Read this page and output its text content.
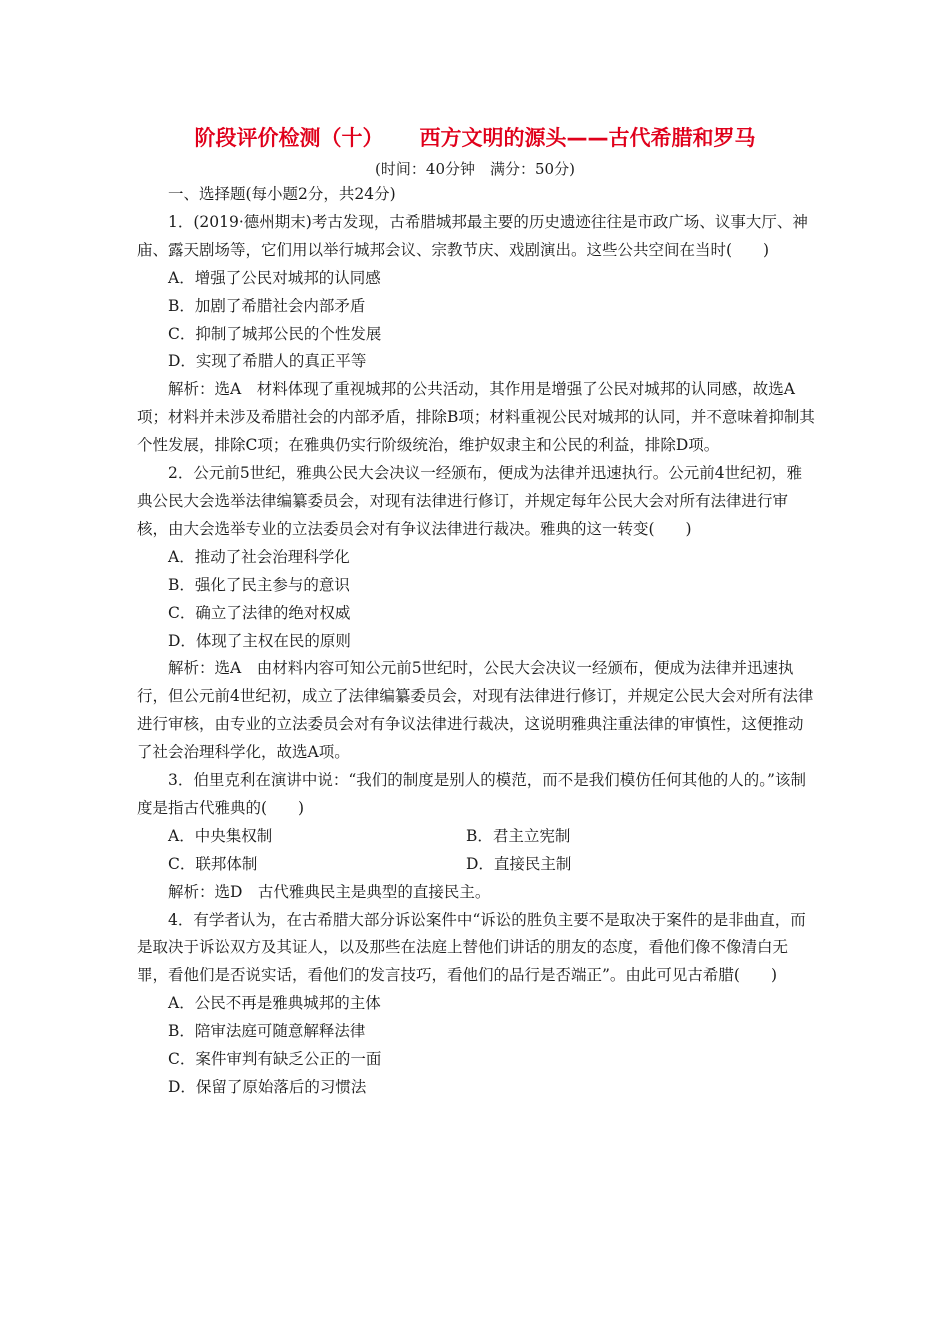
阶段评价检测（十） 西方文明的源头——古代希腊和罗马
(时间：40分钟　满分：50分)

一、选择题(每小题2分，共24分)

1．(2019·德州期末)考古发现，古希腊城邦最主要的历史遗迹往往是市政广场、议事大厅、神庙、露天剧场等，它们用以举行城邦会议、宗教节庆、戏剧演出。这些公共空间在当时(　　)

A．增强了公民对城邦的认同感

B．加剧了希腊社会内部矛盾

C．抑制了城邦公民的个性发展

D．实现了希腊人的真正平等

解析：选A　材料体现了重视城邦的公共活动，其作用是增强了公民对城邦的认同感，故选A项；材料并未涉及希腊社会的内部矛盾，排除B项；材料重视公民对城邦的认同，并不意味着抑制其个性发展，排除C项；在雅典仍实行阶级统治，维护奴隶主和公民的利益，排除D项。

2．公元前5世纪，雅典公民大会决议一经颁布，便成为法律并迅速执行。公元前4世纪初，雅典公民大会选举法律编纂委员会，对现有法律进行修订，并规定每年公民大会对所有法律进行审核，由大会选举专业的立法委员会对有争议法律进行裁决。雅典的这一转变(　　)

A．推动了社会治理科学化

B．强化了民主参与的意识

C．确立了法律的绝对权威

D．体现了主权在民的原则

解析：选A　由材料内容可知公元前5世纪时，公民大会决议一经颁布，便成为法律并迅速执行，但公元前4世纪初，成立了法律编纂委员会，对现有法律进行修订，并规定公民大会对所有法律进行审核，由专业的立法委员会对有争议法律进行裁决，这说明雅典注重法律的审慎性，这便推动了社会治理科学化，故选A项。

3．伯里克利在演讲中说：“我们的制度是别人的模范，而不是我们模仿任何其他的人的。”该制度是指古代雅典的(　　)

A．中央集权制	B．君主立宪制
C．联邦体制	D．直接民主制

解析：选D　古代雅典民主是典型的直接民主。

4．有学者认为，在古希腊大部分诉讼案件中“诉讼的胜负主要不是取决于案件的是非曲直，而是取决于诉讼双方及其证人，以及那些在法庭上替他们讲话的朋友的态度，看他们像不像清白无罪，看他们是否说实话，看他们的发言技巧，看他们的品行是否端正”。由此可见古希腊(　　)

A．公民不再是雅典城邦的主体

B．陪审法庭可随意解释法律

C．案件审判有缺乏公正的一面

D．保留了原始落后的习惯法
